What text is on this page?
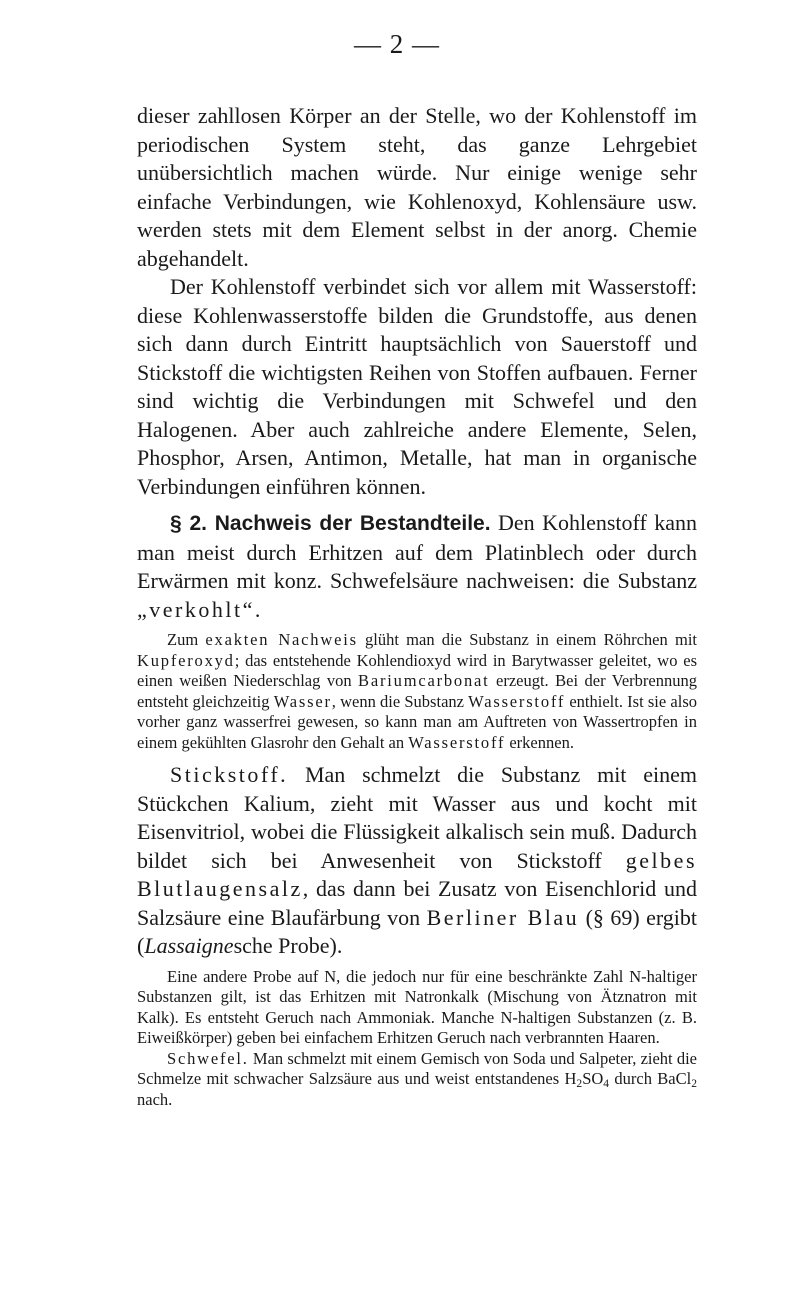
— 2 —

dieser zahllosen Körper an der Stelle, wo der Kohlenstoff im periodischen System steht, das ganze Lehrgebiet unübersichtlich machen würde. Nur einige wenige sehr einfache Verbindungen, wie Kohlenoxyd, Kohlensäure usw. werden stets mit dem Element selbst in der anorg. Chemie abgehandelt.

Der Kohlenstoff verbindet sich vor allem mit Wasserstoff: diese Kohlenwasserstoffe bilden die Grundstoffe, aus denen sich dann durch Eintritt hauptsächlich von Sauerstoff und Stickstoff die wichtigsten Reihen von Stoffen aufbauen. Ferner sind wichtig die Verbindungen mit Schwefel und den Halogenen. Aber auch zahlreiche andere Elemente, Selen, Phosphor, Arsen, Antimon, Metalle, hat man in organische Verbindungen einführen können.

§ 2. Nachweis der Bestandteile. Den Kohlenstoff kann man meist durch Erhitzen auf dem Platinblech oder durch Erwärmen mit konz. Schwefelsäure nachweisen: die Substanz „verkohlt“.

Zum exakten Nachweis glüht man die Substanz in einem Röhrchen mit Kupferoxyd; das entstehende Kohlendioxyd wird in Barytwasser geleitet, wo es einen weißen Niederschlag von Bariumcarbonat erzeugt. Bei der Verbrennung entsteht gleichzeitig Wasser, wenn die Substanz Wasserstoff enthielt. Ist sie also vorher ganz wasserfrei gewesen, so kann man am Auftreten von Wassertropfen in einem gekühlten Glasrohr den Gehalt an Wasserstoff erkennen.

Stickstoff. Man schmelzt die Substanz mit einem Stückchen Kalium, zieht mit Wasser aus und kocht mit Eisenvitriol, wobei die Flüssigkeit alkalisch sein muß. Dadurch bildet sich bei Anwesenheit von Stickstoff gelbes Blutlaugensalz, das dann bei Zusatz von Eisenchlorid und Salzsäure eine Blaufärbung von Berliner Blau (§ 69) ergibt (Lassaignesche Probe).

Eine andere Probe auf N, die jedoch nur für eine beschränkte Zahl N-haltiger Substanzen gilt, ist das Erhitzen mit Natronkalk (Mischung von Ätznatron mit Kalk). Es entsteht Geruch nach Ammoniak. Manche N-haltigen Substanzen (z. B. Eiweißkörper) geben bei einfachem Erhitzen Geruch nach verbrannten Haaren.

Schwefel. Man schmelzt mit einem Gemisch von Soda und Salpeter, zieht die Schmelze mit schwacher Salzsäure aus und weist entstandenes $H_2SO_4$ durch BaCl$_2$ nach.
